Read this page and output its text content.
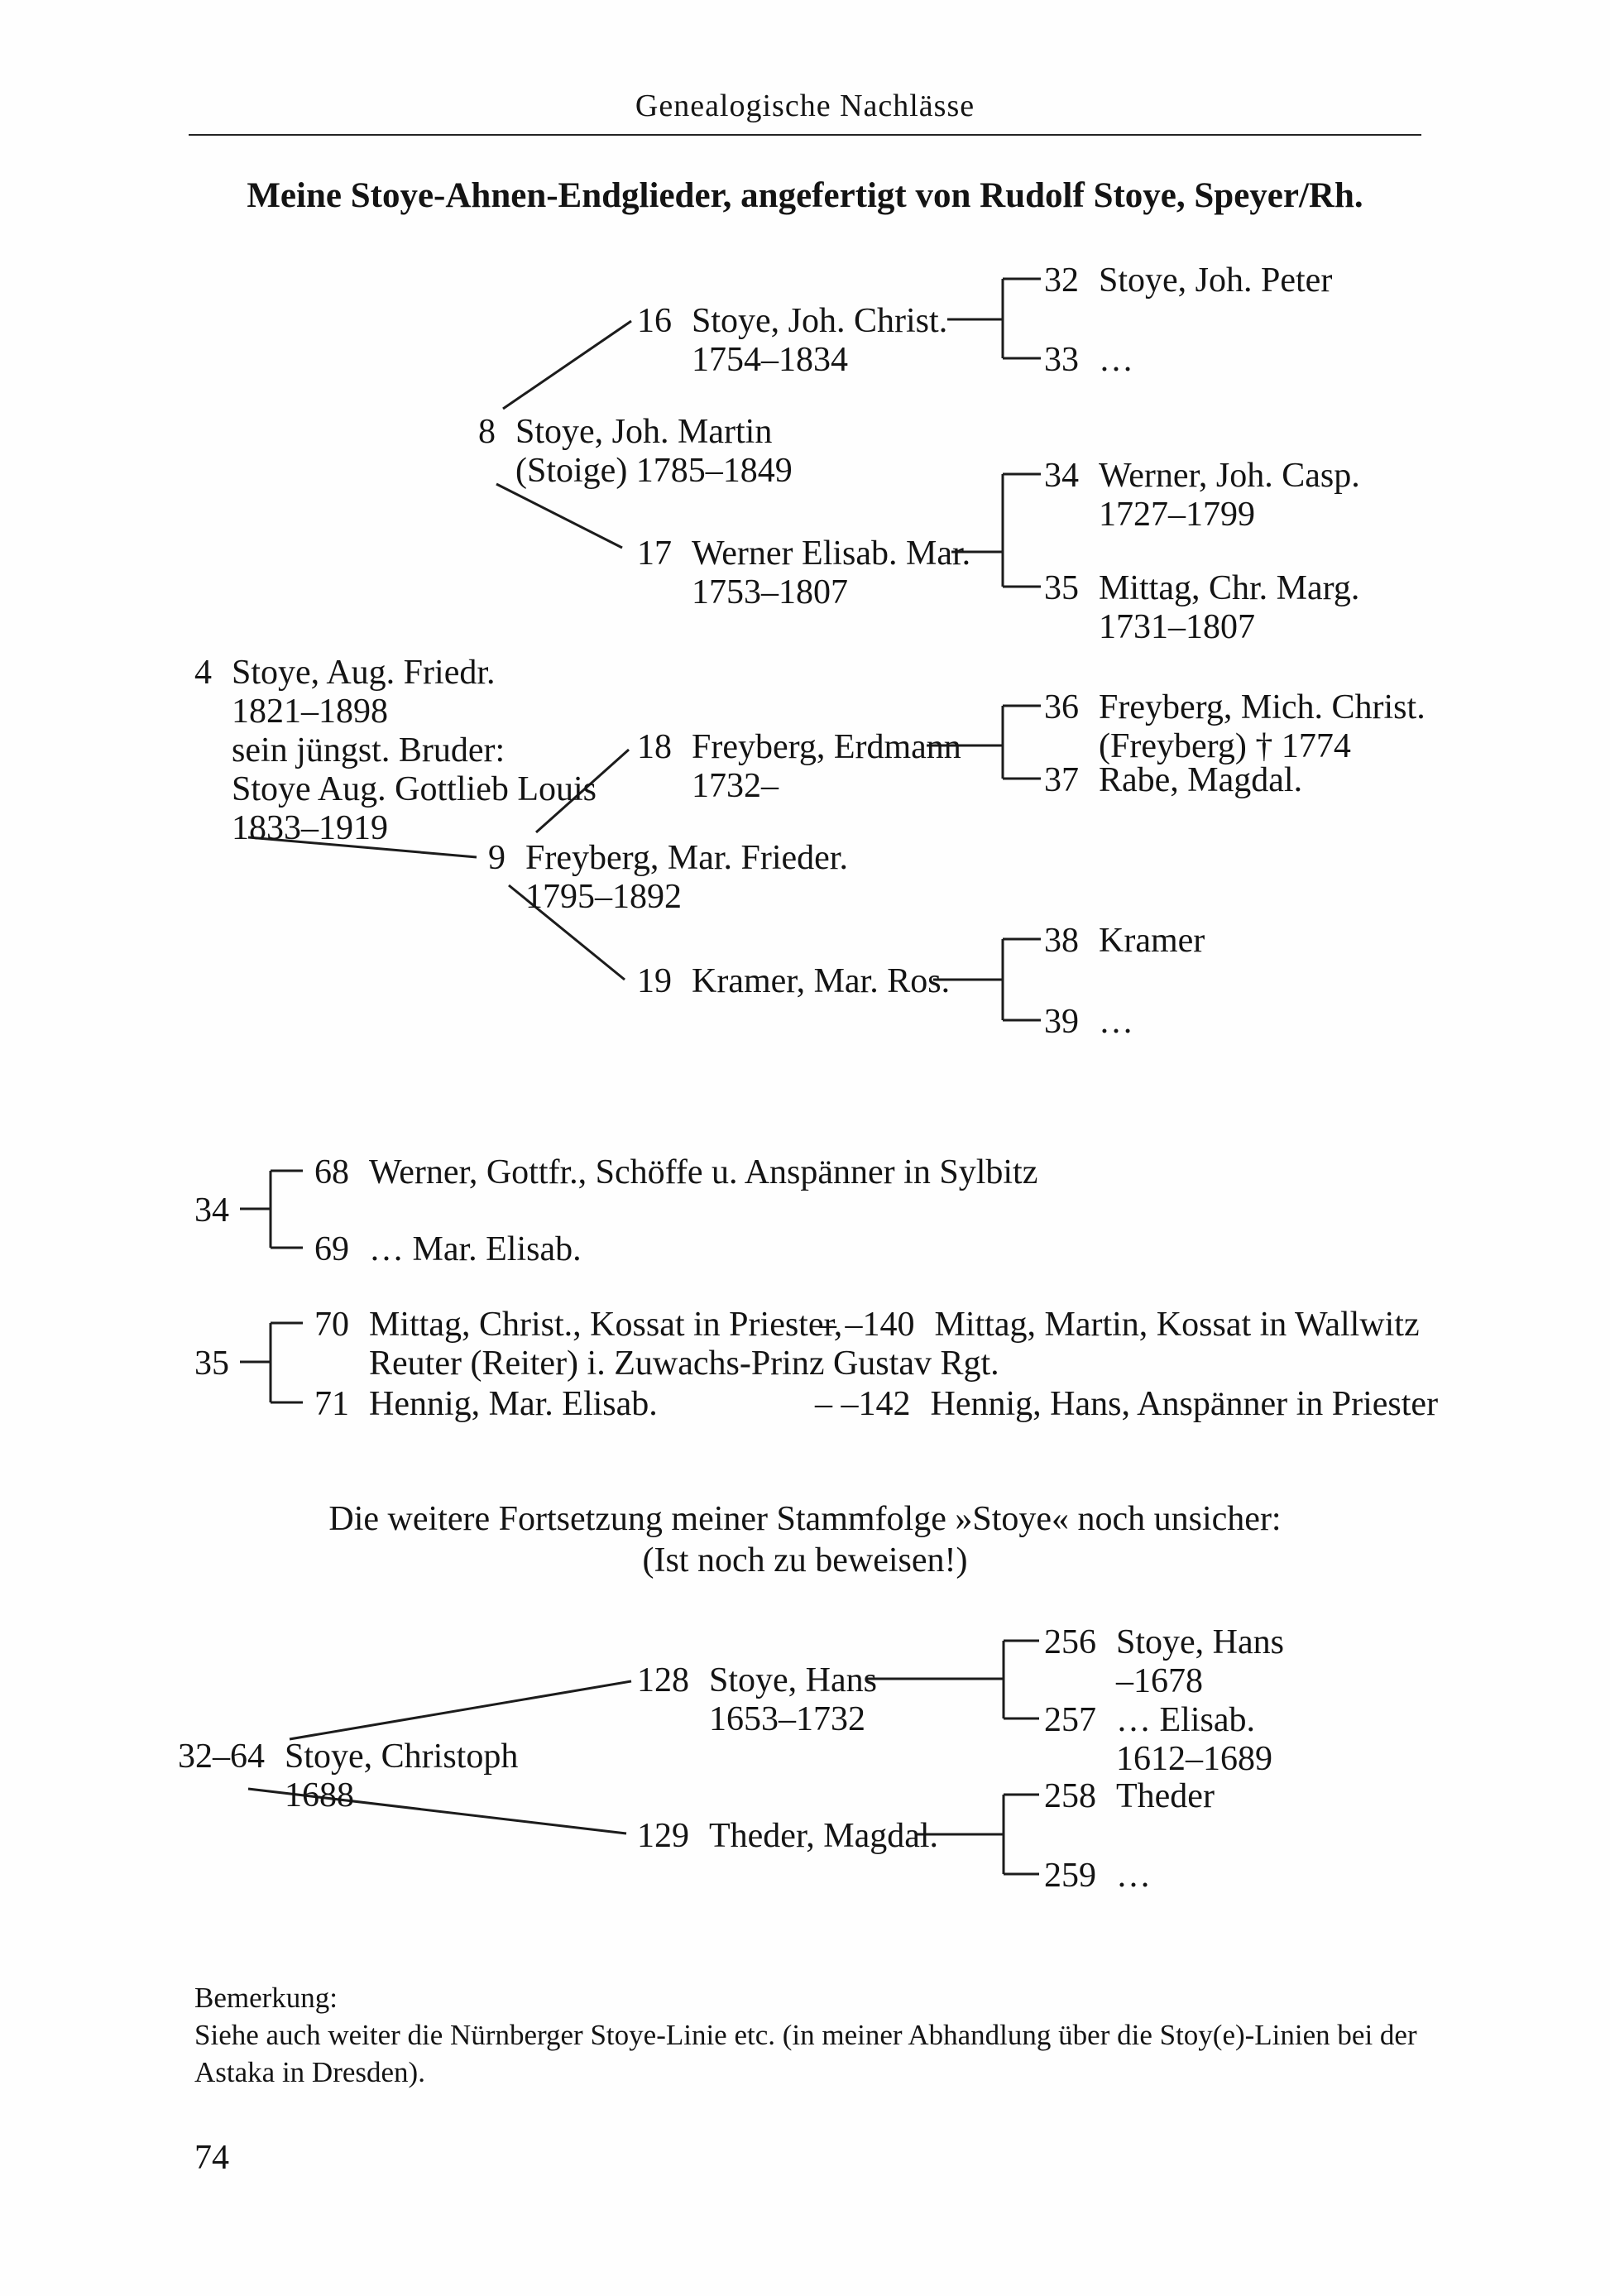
Genealogische Nachlässe
Meine Stoye-Ahnen-Endglieder, angefertigt von Rudolf Stoye, Speyer/Rh.
16 Stoye, Joh. Christ.
1754–1834
32 Stoye, Joh. Peter
33 …
8 Stoye, Joh. Martin
(Stoige) 1785–1849
17 Werner Elisab. Mar.
1753–1807
34 Werner, Joh. Casp.
1727–1799
35 Mittag, Chr. Marg.
1731–1807
4 Stoye, Aug. Friedr.
1821–1898
sein jüngst. Bruder:
Stoye Aug. Gottlieb Louis
1833–1919
18 Freyberg, Erdmann
1732–
36 Freyberg, Mich. Christ.
(Freyberg) † 1774
37 Rabe, Magdal.
9 Freyberg, Mar. Frieder.
1795–1892
19 Kramer, Mar. Ros.
38 Kramer
39 …
34
68 Werner, Gottfr., Schöffe u. Anspänner in Sylbitz
69 … Mar. Elisab.
35
70 Mittag, Christ., Kossat in Priester,
Reuter (Reiter) i. Zuwachs-Prinz Gustav Rgt.
– –140 Mittag, Martin, Kossat in Wallwitz
71 Hennig, Mar. Elisab.	– –142 Hennig, Hans, Anspänner in Priester
128 Stoye, Hans
1653–1732
256 Stoye, Hans
–1678
257 … Elisab.
1612–1689
32–64 Stoye, Christoph
1688	258 Theder
129 Theder, Magdal.
259 …
Die weitere Fortsetzung meiner Stammfolge »Stoye« noch unsicher:
(Ist noch zu beweisen!)
Bemerkung:
Siehe auch weiter die Nürnberger Stoye-Linie etc. (in meiner Abhandlung über die Stoy(e)-Linien bei der
Astaka in Dresden).
74
